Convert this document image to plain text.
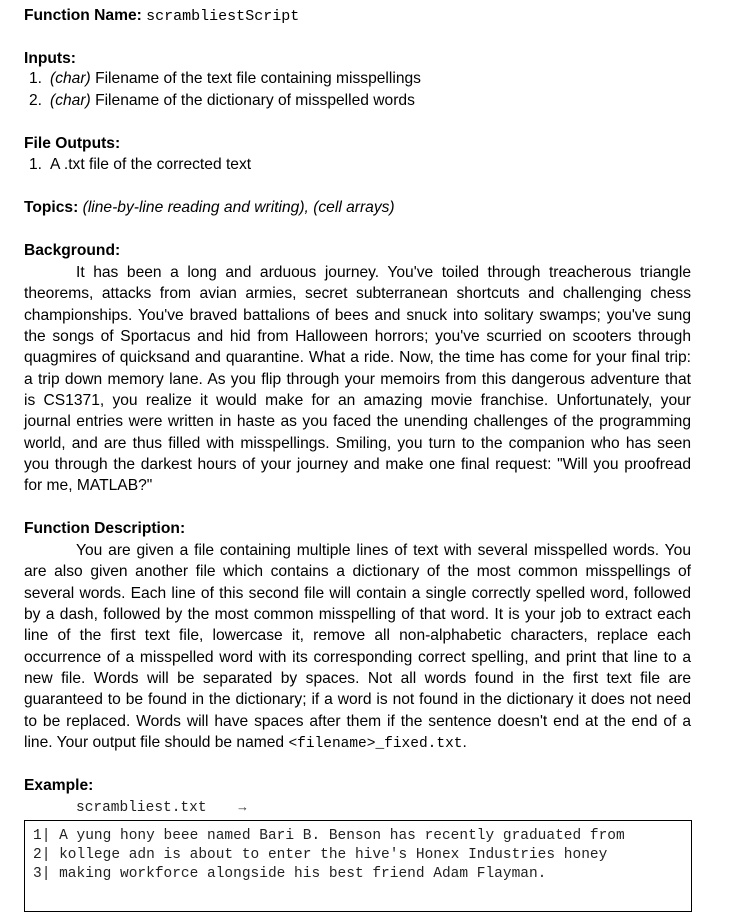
Function Name: scrambliestScript
Inputs:
1. (char) Filename of the text file containing misspellings
2. (char) Filename of the dictionary of misspelled words
File Outputs:
1. A .txt file of the corrected text
Topics: (line-by-line reading and writing), (cell arrays)
Background:

It has been a long and arduous journey. You've toiled through treacherous triangle theorems, attacks from avian armies, secret subterranean shortcuts and challenging chess championships. You've braved battalions of bees and snuck into solitary swamps; you've sung the songs of Sportacus and hid from Halloween horrors; you've scurried on scooters through quagmires of quicksand and quarantine. What a ride. Now, the time has come for your final trip: a trip down memory lane. As you flip through your memoirs from this dangerous adventure that is CS1371, you realize it would make for an amazing movie franchise. Unfortunately, your journal entries were written in haste as you faced the unending challenges of the programming world, and are thus filled with misspellings. Smiling, you turn to the companion who has seen you through the darkest hours of your journey and make one final request: "Will you proofread for me, MATLAB?"

Function Description:

You are given a file containing multiple lines of text with several misspelled words. You are also given another file which contains a dictionary of the most common misspellings of several words. Each line of this second file will contain a single correctly spelled word, followed by a dash, followed by the most common misspelling of that word. It is your job to extract each line of the first text file, lowercase it, remove all non-alphabetic characters, replace each occurrence of a misspelled word with its corresponding correct spelling, and print that line to a new file. Words will be separated by spaces. Not all words found in the first text file are guaranteed to be found in the dictionary; if a word is not found in the dictionary it does not need to be replaced. Words will have spaces after them if the sentence doesn't end at the end of a line. Your output file should be named <filename>_fixed.txt.

Example:
scrambliest.txt →
1| A yung hony beee named Bari B. Benson has recently graduated from
2| kollege adn is about to enter the hive's Honex Industries honey
3| making workforce alongside his best friend Adam Flayman.
